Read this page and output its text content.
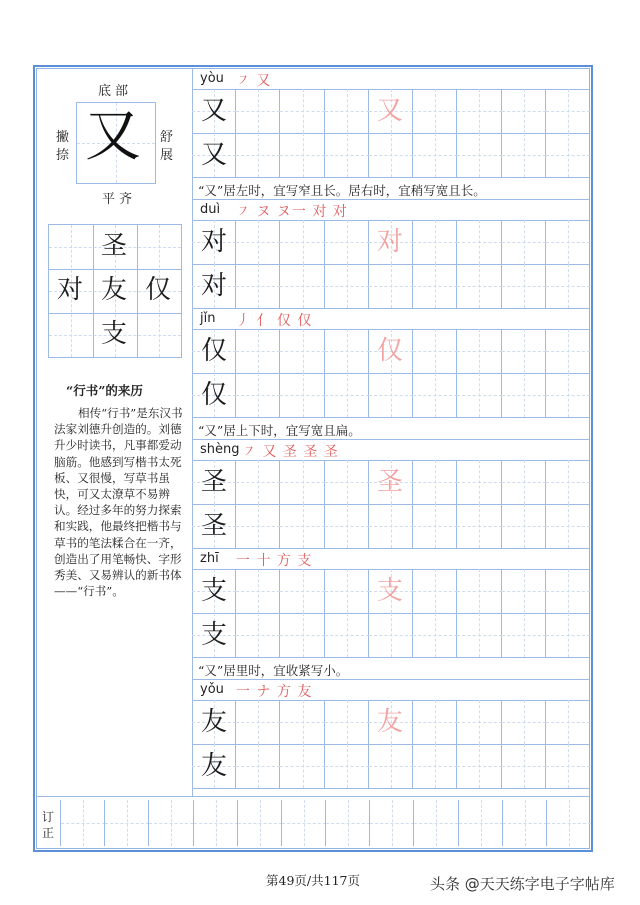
底部
又
撇
捺
舒
展
平齐
圣
对 友 仅
支
“行书”的来历
相传“行书”是东汉书法家刘德升创造的。刘德升少时读书，凡事都爱动脑筋。他感到写楷书太死板、又很慢，写草书虽快，可又太潦草不易辨认。经过多年的努力探索和实践，他最终把楷书与草书的笔法糅合在一齐，创造出了用笔畅快、字形秀美、又易辨认的新书体——“行书”。
yòu ㇇ 又
又	又
又
“又”居左时，宜写窄且长。居右时，宜稍写宽且长。
duì ㇇ ヌ ヌ一 对 对
对	对
对
jǐn 丿 亻 仅 仅
仅	仅
仅
“又”居上下时，宜写宽且扁。
shèng ㇇ 又 圣 圣 圣
圣	圣
圣
zhī 一 十 方 支
支	支
支
“又”居里时，宜收紧写小。
yǒu 一 ナ 方 友
友	友
友
订
正
第49页/共117页	头条 @天天练字电子字帖库
